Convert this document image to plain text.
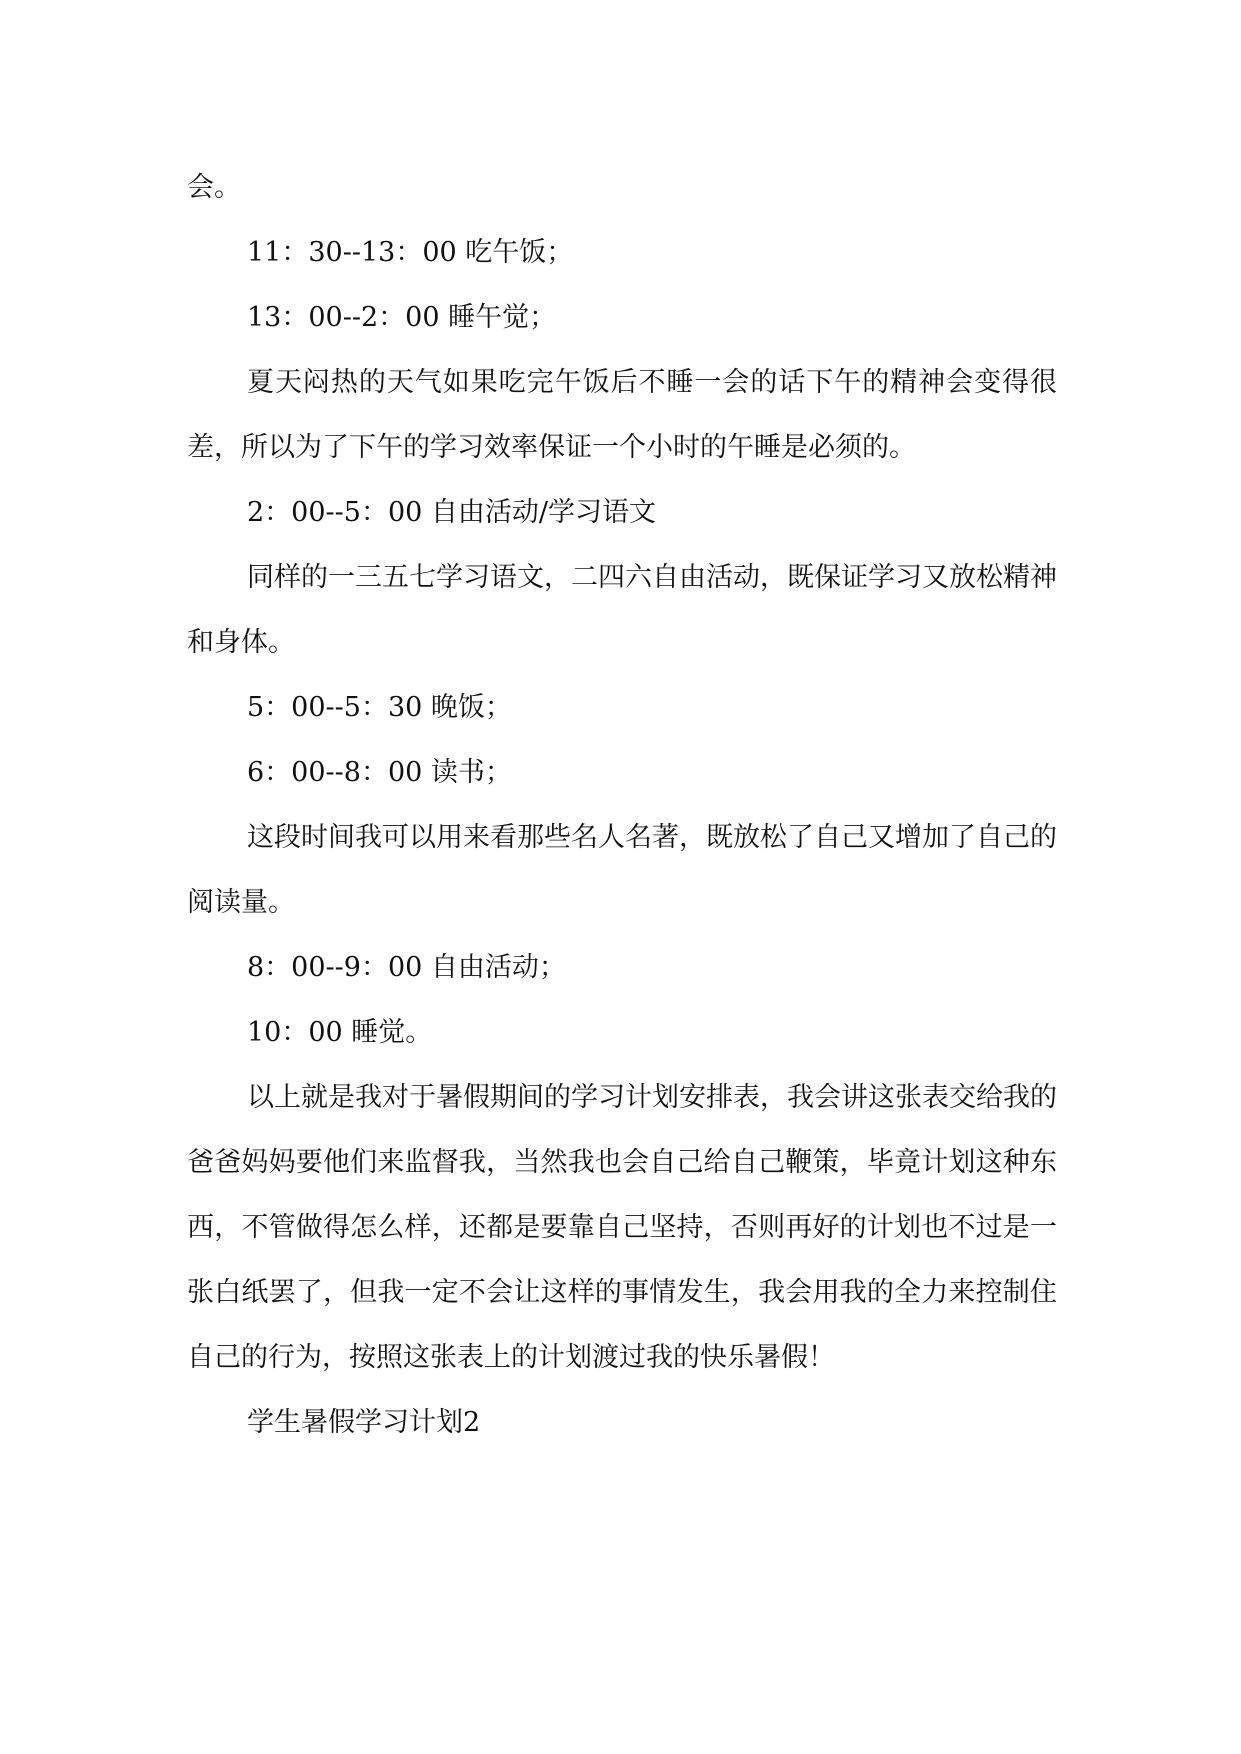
会。

11：30--13：00 吃午饭；

13：00--2：00 睡午觉；

夏天闷热的天气如果吃完午饭后不睡一会的话下午的精神会变得很差，所以为了下午的学习效率保证一个小时的午睡是必须的。

2：00--5：00 自由活动/学习语文

同样的一三五七学习语文，二四六自由活动，既保证学习又放松精神和身体。

5：00--5：30 晚饭；

6：00--8：00 读书；

这段时间我可以用来看那些名人名著，既放松了自己又增加了自己的阅读量。

8：00--9：00 自由活动；

10：00 睡觉。

以上就是我对于暑假期间的学习计划安排表，我会讲这张表交给我的爸爸妈妈要他们来监督我，当然我也会自己给自己鞭策，毕竟计划这种东西，不管做得怎么样，还都是要靠自己坚持，否则再好的计划也不过是一张白纸罢了，但我一定不会让这样的事情发生，我会用我的全力来控制住自己的行为，按照这张表上的计划渡过我的快乐暑假！

学生暑假学习计划2
